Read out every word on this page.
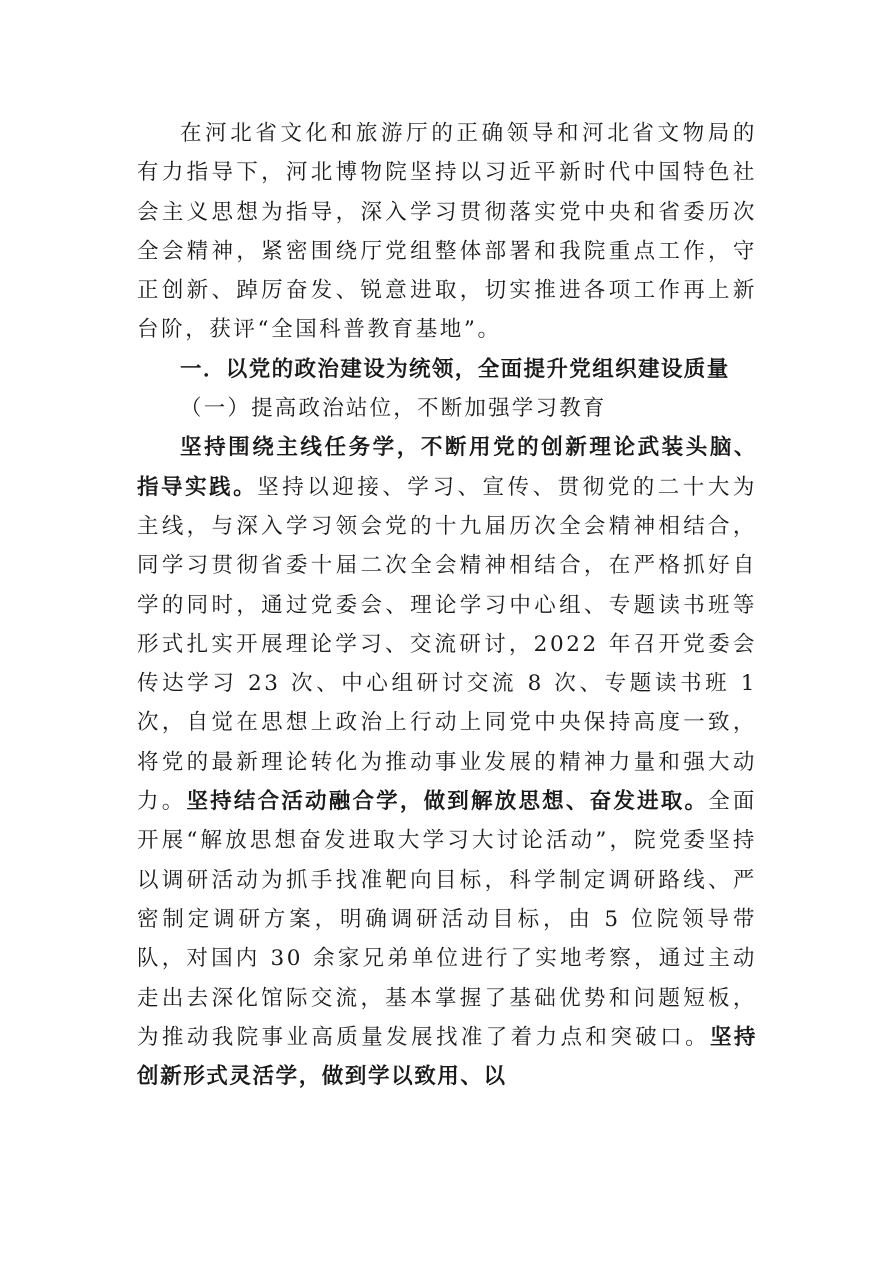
在河北省文化和旅游厅的正确领导和河北省文物局的有力指导下，河北博物院坚持以习近平新时代中国特色社会主义思想为指导，深入学习贯彻落实党中央和省委历次全会精神，紧密围绕厅党组整体部署和我院重点工作，守正创新、踔厉奋发、锐意进取，切实推进各项工作再上新台阶，获评“全国科普教育基地”。

一．以党的政治建设为统领，全面提升党组织建设质量

（一）提高政治站位，不断加强学习教育

坚持围绕主线任务学，不断用党的创新理论武装头脑、指导实践。坚持以迎接、学习、宣传、贯彻党的二十大为主线，与深入学习领会党的十九届历次全会精神相结合，同学习贯彻省委十届二次全会精神相结合，在严格抓好自学的同时，通过党委会、理论学习中心组、专题读书班等形式扎实开展理论学习、交流研讨，2022 年召开党委会传达学习 23 次、中心组研讨交流 8 次、专题读书班 1 次，自觉在思想上政治上行动上同党中央保持高度一致，将党的最新理论转化为推动事业发展的精神力量和强大动力。坚持结合活动融合学，做到解放思想、奋发进取。全面开展“解放思想奋发进取大学习大讨论活动”，院党委坚持以调研活动为抓手找准靶向目标，科学制定调研路线、严密制定调研方案，明确调研活动目标，由 5 位院领导带队，对国内 30 余家兄弟单位进行了实地考察，通过主动走出去深化馆际交流，基本掌握了基础优势和问题短板，为推动我院事业高质量发展找准了着力点和突破口。坚持创新形式灵活学，做到学以致用、以
